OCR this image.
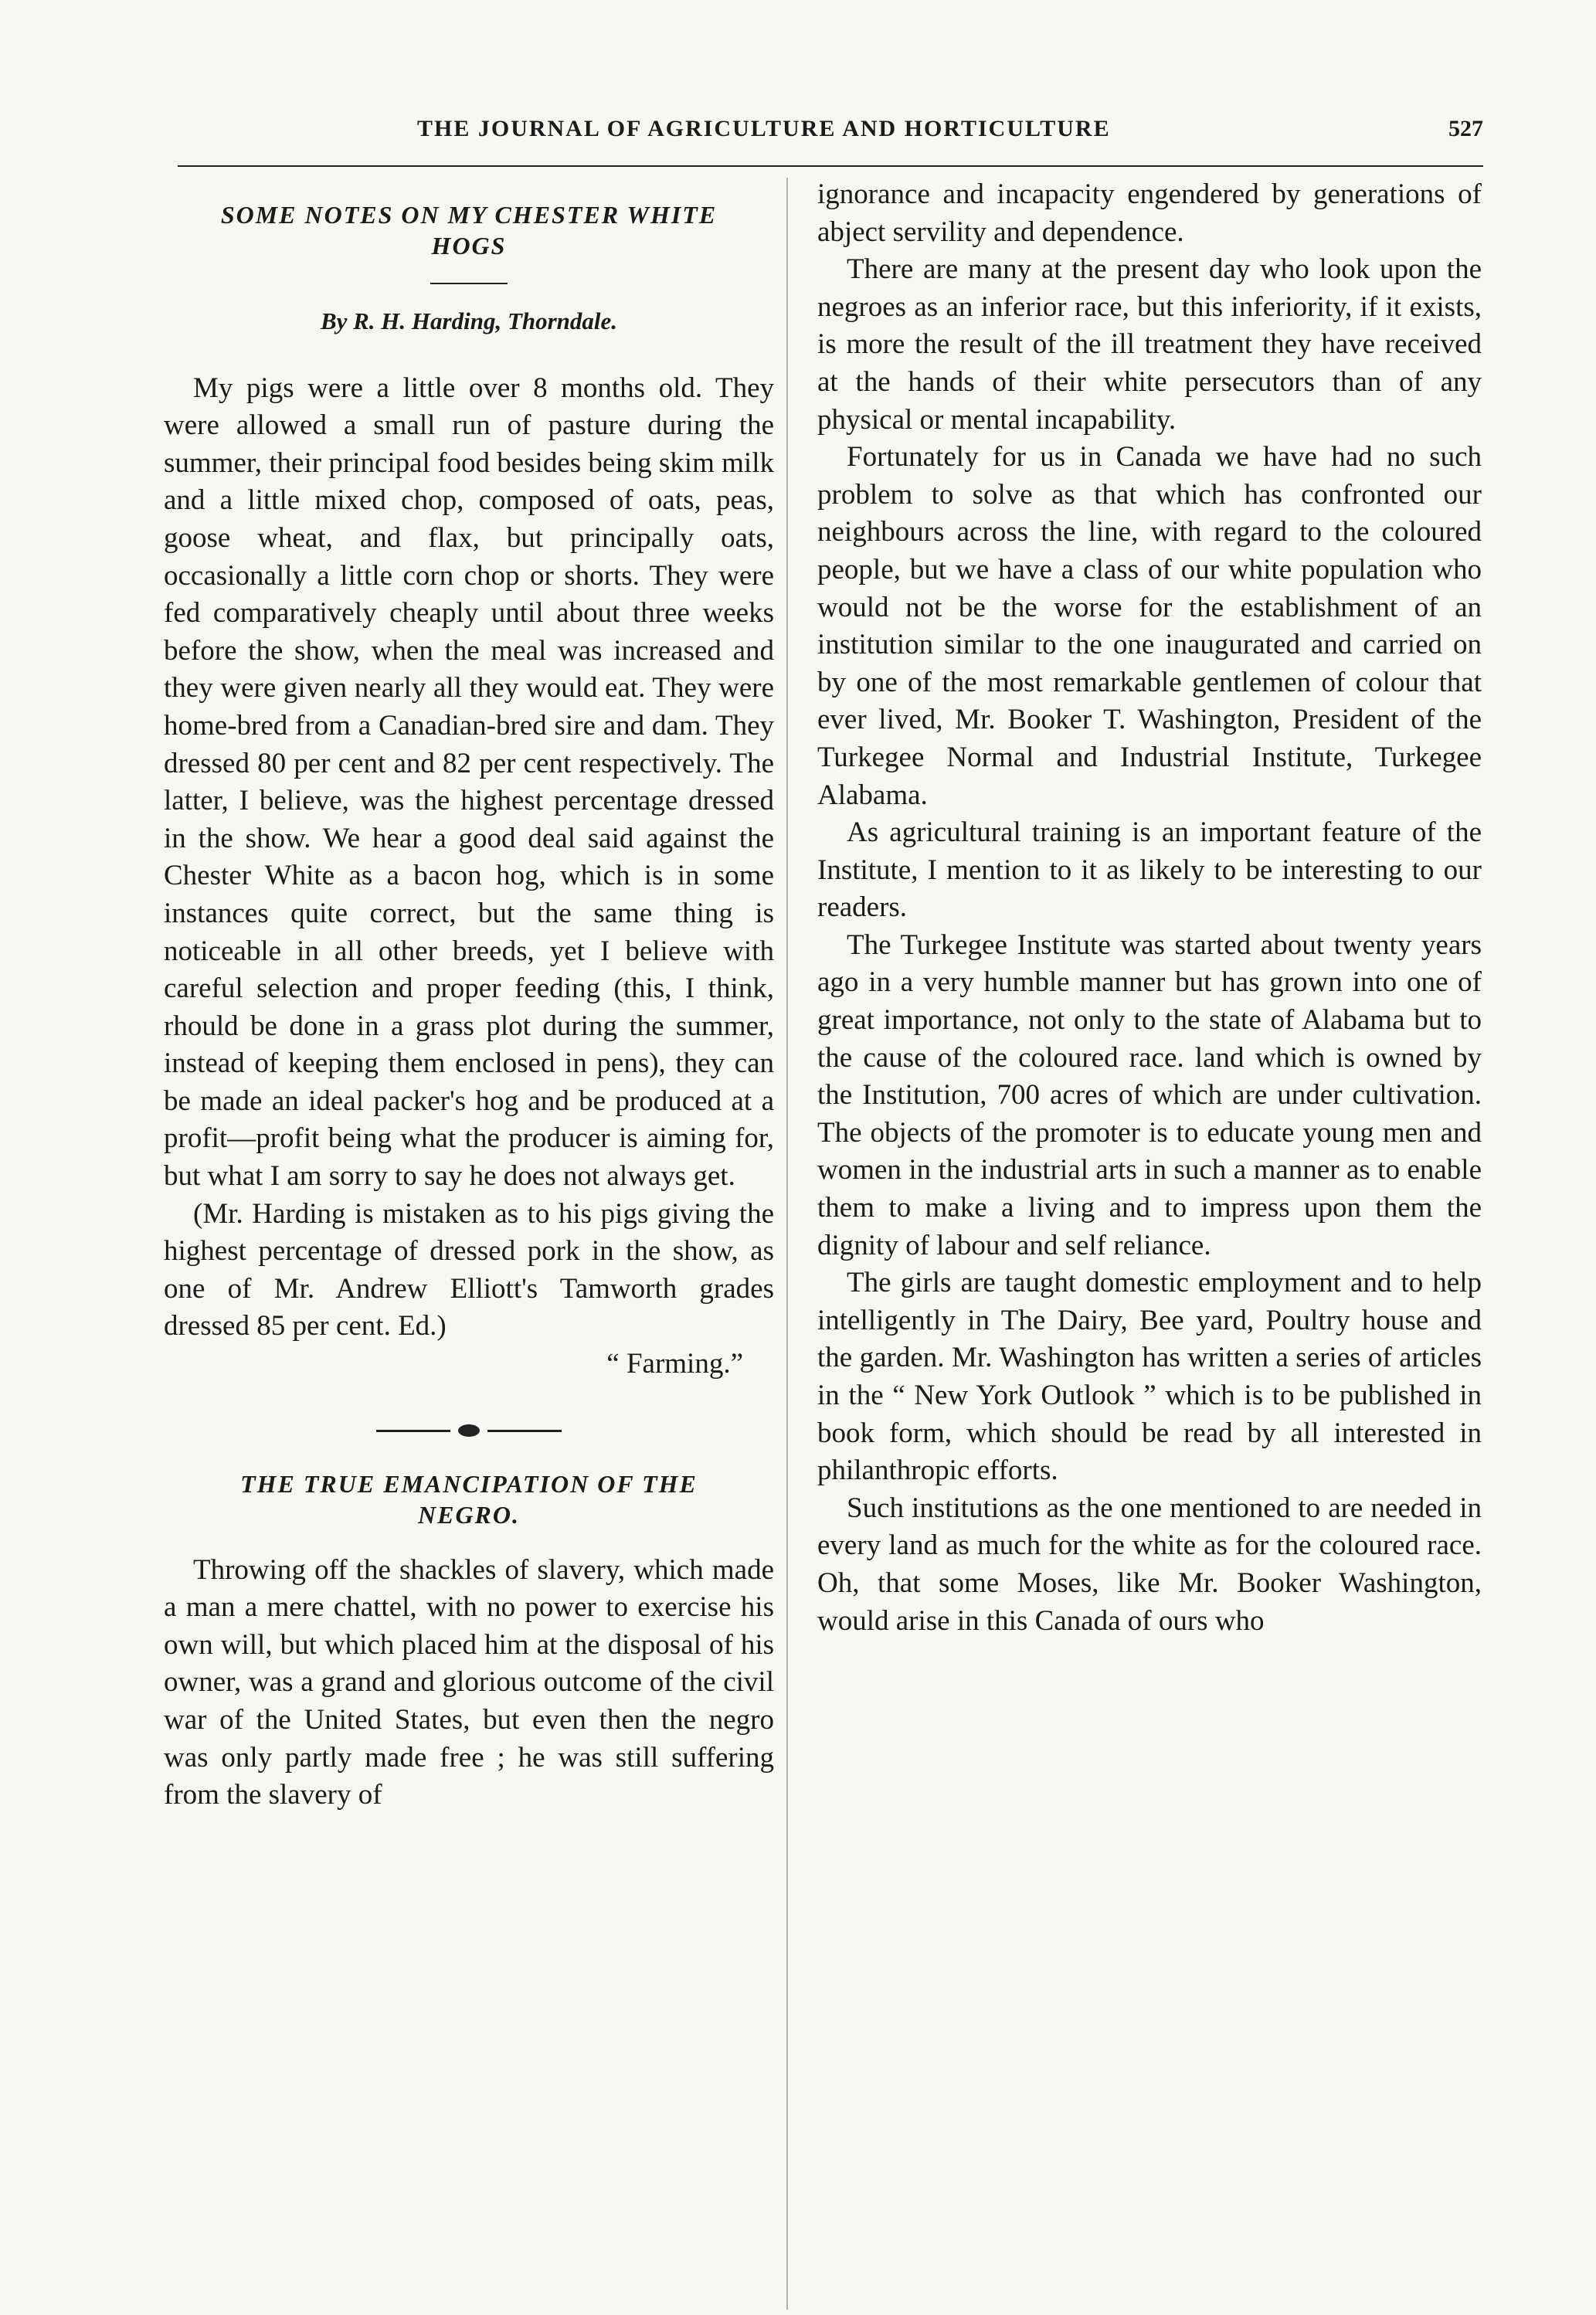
THE JOURNAL OF AGRICULTURE AND HORTICULTURE	527
SOME NOTES ON MY CHESTER WHITE HOGS
By R. H. Harding, Thorndale.

My pigs were a little over 8 months old. They were allowed a small run of pasture during the summer, their principal food besides being skim milk and a little mixed chop, composed of oats, peas, goose wheat, and flax, but principally oats, occasionally a little corn chop or shorts. They were fed comparatively cheaply until about three weeks before the show, when the meal was increased and they were given nearly all they would eat. They were home-bred from a Canadian-bred sire and dam. They dressed 80 per cent and 82 per cent respectively. The latter, I believe, was the highest percentage dressed in the show. We hear a good deal said against the Chester White as a bacon hog, which is in some instances quite correct, but the same thing is noticeable in all other breeds, yet I believe with careful selection and proper feeding (this, I think, rhould be done in a grass plot during the summer, instead of keeping them enclosed in pens), they can be made an ideal packer's hog and be produced at a profit—profit being what the producer is aiming for, but what I am sorry to say he does not always get.

(Mr. Harding is mistaken as to his pigs giving the highest percentage of dressed pork in the show, as one of Mr. Andrew Elliott's Tamworth grades dressed 85 per cent. Ed.)

“ Farming.”

THE TRUE EMANCIPATION OF THE NEGRO.

Throwing off the shackles of slavery, which made a man a mere chattel, with no power to exercise his own will, but which placed him at the disposal of his owner, was a grand and glorious outcome of the civil war of the United States, but even then the negro was only partly made free ; he was still suffering from the slavery of

ignorance and incapacity engendered by generations of abject servility and dependence.

There are many at the present day who look upon the negroes as an inferior race, but this inferiority, if it exists, is more the result of the ill treatment they have received at the hands of their white persecutors than of any physical or mental incapability.

Fortunately for us in Canada we have had no such problem to solve as that which has confronted our neighbours across the line, with regard to the coloured people, but we have a class of our white population who would not be the worse for the establishment of an institution similar to the one inaugurated and carried on by one of the most remarkable gentlemen of colour that ever lived, Mr. Booker T. Washington, President of the Turkegee Normal and Industrial Institute, Turkegee Alabama.

As agricultural training is an important feature of the Institute, I mention to it as likely to be interesting to our readers.

The Turkegee Institute was started about twenty years ago in a very humble manner but has grown into one of great importance, not only to the state of Alabama but to the cause of the coloured race. land which is owned by the Institution, 700 acres of which are under cultivation. The objects of the promoter is to educate young men and women in the industrial arts in such a manner as to enable them to make a living and to impress upon them the dignity of labour and self reliance.

The girls are taught domestic employment and to help intelligently in The Dairy, Bee yard, Poultry house and the garden. Mr. Washington has written a series of articles in the “ New York Outlook ” which is to be published in book form, which should be read by all interested in philanthropic efforts.

Such institutions as the one mentioned to are needed in every land as much for the white as for the coloured race. Oh, that some Moses, like Mr. Booker Washington, would arise in this Canada of ours who
